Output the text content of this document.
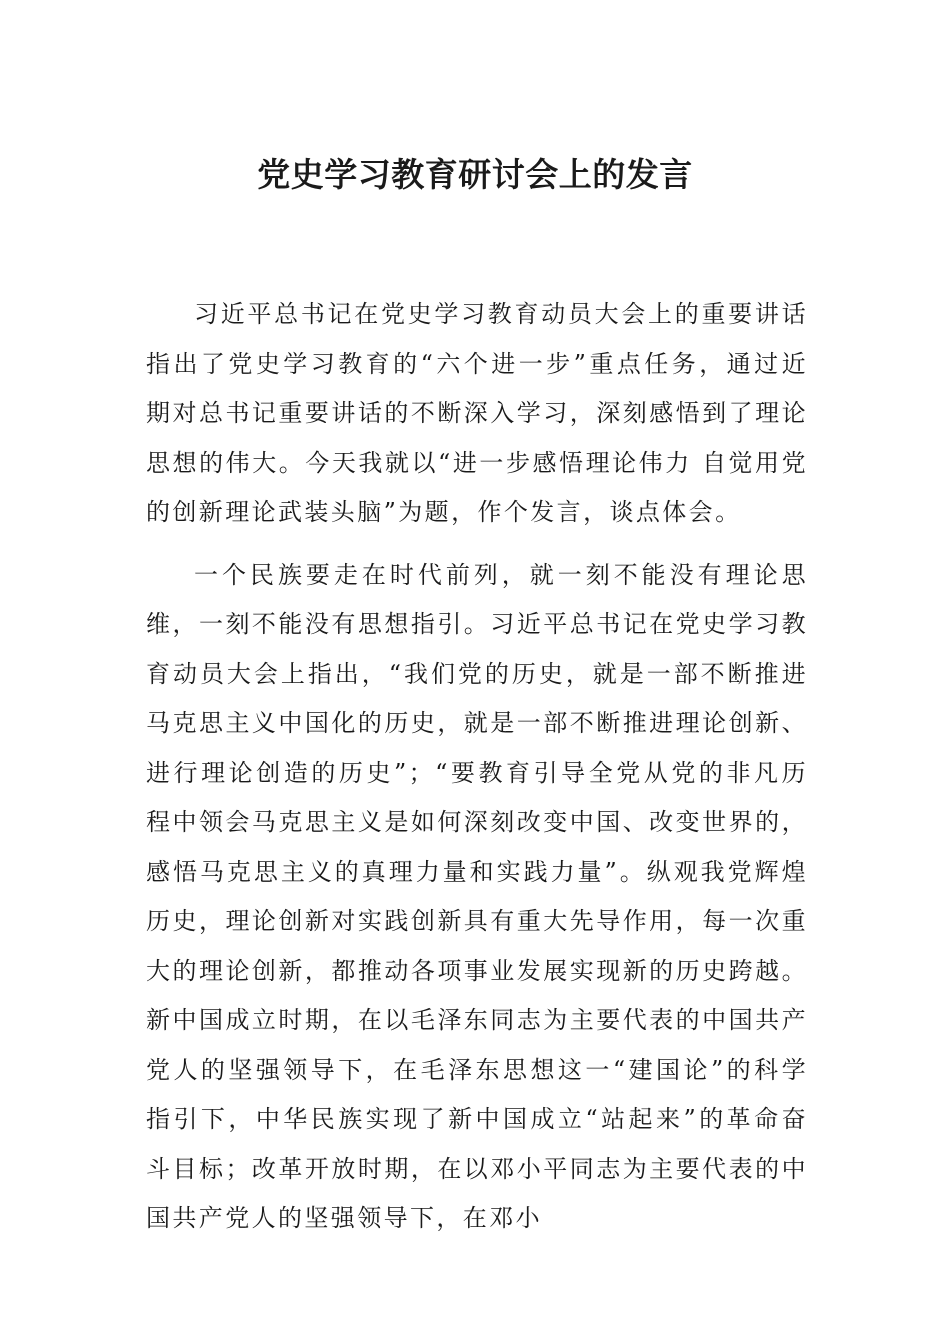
党史学习教育研讨会上的发言

习近平总书记在党史学习教育动员大会上的重要讲话指出了党史学习教育的“六个进一步”重点任务，通过近期对总书记重要讲话的不断深入学习，深刻感悟到了理论思想的伟大。今天我就以“进一步感悟理论伟力 自觉用党的创新理论武装头脑”为题，作个发言，谈点体会。

一个民族要走在时代前列，就一刻不能没有理论思维，一刻不能没有思想指引。习近平总书记在党史学习教育动员大会上指出，“我们党的历史，就是一部不断推进马克思主义中国化的历史，就是一部不断推进理论创新、进行理论创造的历史”；“要教育引导全党从党的非凡历程中领会马克思主义是如何深刻改变中国、改变世界的，感悟马克思主义的真理力量和实践力量”。纵观我党辉煌历史，理论创新对实践创新具有重大先导作用，每一次重大的理论创新，都推动各项事业发展实现新的历史跨越。新中国成立时期，在以毛泽东同志为主要代表的中国共产党人的坚强领导下，在毛泽东思想这一“建国论”的科学指引下，中华民族实现了新中国成立“站起来”的革命奋斗目标；改革开放时期，在以邓小平同志为主要代表的中国共产党人的坚强领导下，在邓小
